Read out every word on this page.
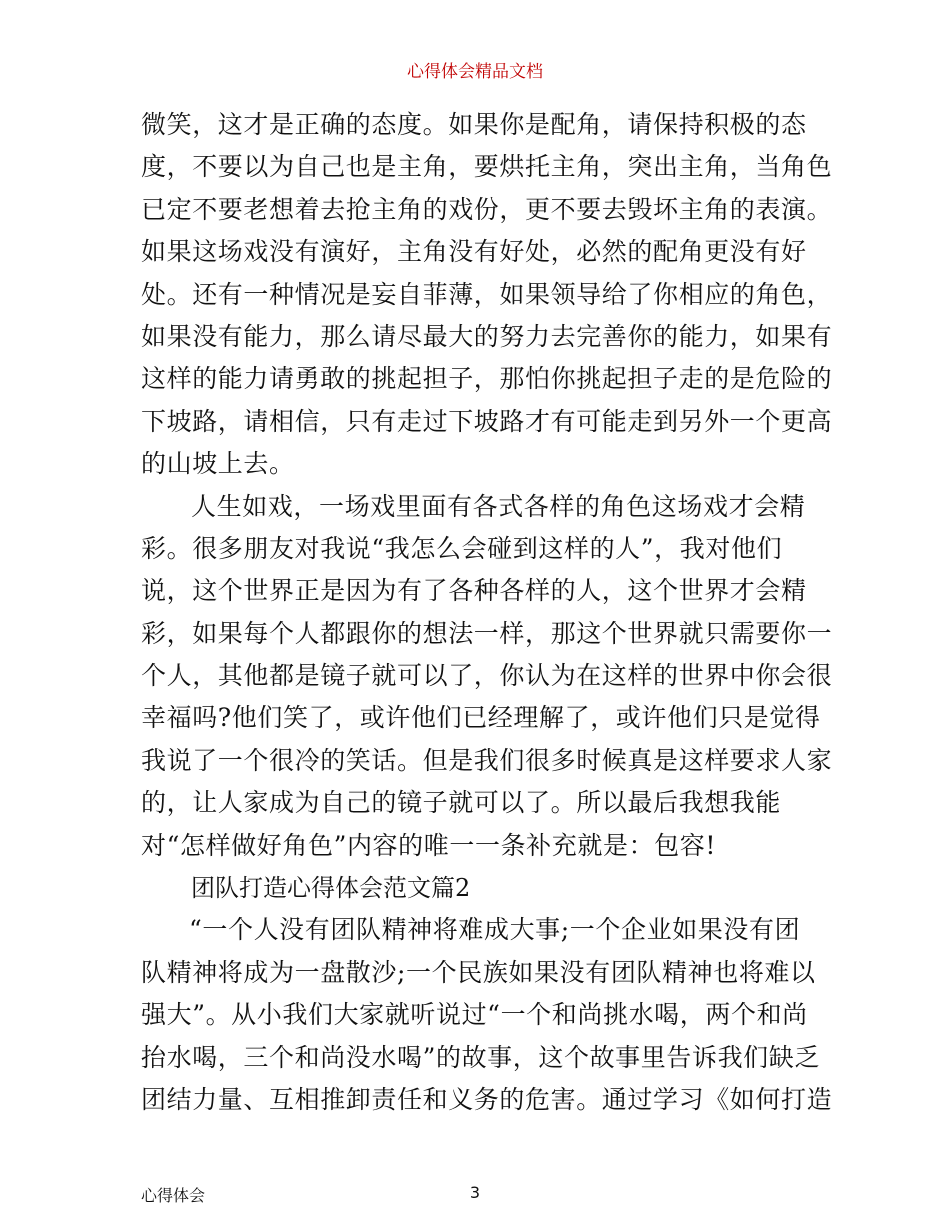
心得体会精品文档
微笑，这才是正确的态度。如果你是配角，请保持积极的态
度，不要以为自己也是主角，要烘托主角，突出主角，当角色
已定不要老想着去抢主角的戏份，更不要去毁坏主角的表演。
如果这场戏没有演好，主角没有好处，必然的配角更没有好
处。还有一种情况是妄自菲薄，如果领导给了你相应的角色，
如果没有能力，那么请尽最大的努力去完善你的能力，如果有
这样的能力请勇敢的挑起担子，那怕你挑起担子走的是危险的
下坡路，请相信，只有走过下坡路才有可能走到另外一个更高
的山坡上去。
人生如戏，一场戏里面有各式各样的角色这场戏才会精
彩。很多朋友对我说“我怎么会碰到这样的人”，我对他们
说，这个世界正是因为有了各种各样的人，这个世界才会精
彩，如果每个人都跟你的想法一样，那这个世界就只需要你一
个人，其他都是镜子就可以了，你认为在这样的世界中你会很
幸福吗?他们笑了，或许他们已经理解了，或许他们只是觉得
我说了一个很冷的笑话。但是我们很多时候真是这样要求人家
的，让人家成为自己的镜子就可以了。所以最后我想我能
对“怎样做好角色”内容的唯一一条补充就是：包容!
团队打造心得体会范文篇2
“一个人没有团队精神将难成大事;一个企业如果没有团
队精神将成为一盘散沙;一个民族如果没有团队精神也将难以
强大”。从小我们大家就听说过“一个和尚挑水喝，两个和尚
抬水喝，三个和尚没水喝”的故事，这个故事里告诉我们缺乏
团结力量、互相推卸责任和义务的危害。通过学习《如何打造
心得体会	3
